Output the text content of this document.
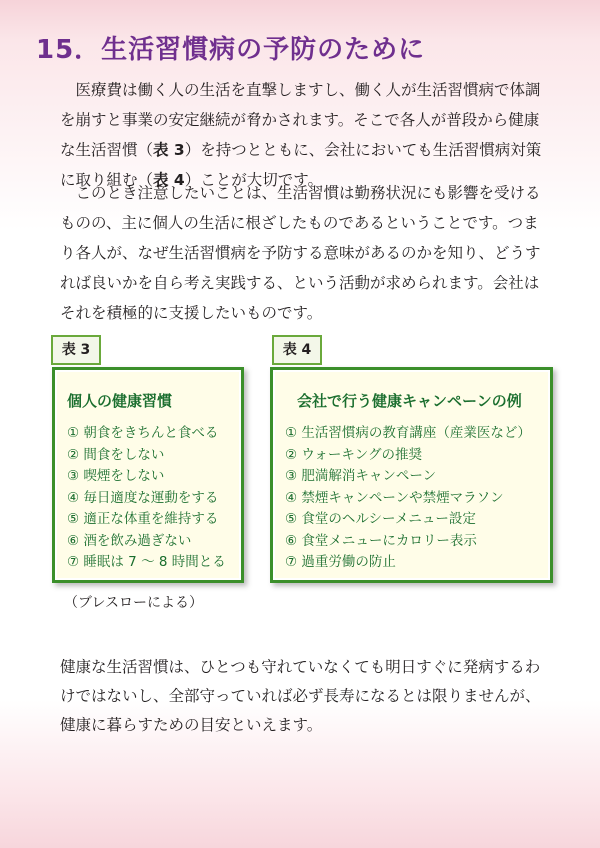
15．生活習慣病の予防のために

医療費は働く人の生活を直撃しますし、働く人が生活習慣病で体調を崩すと事業の安定継続が脅かされます。そこで各人が普段から健康な生活習慣（表 3）を持つとともに、会社においても生活習慣病対策に取り組む（表 4）ことが大切です。

このとき注意したいことは、生活習慣は勤務状況にも影響を受けるものの、主に個人の生活に根ざしたものであるということです。つまり各人が、なぜ生活習慣病を予防する意味があるのかを知り、どうすれば良いかを自ら考え実践する、という活動が求められます。会社はそれを積極的に支援したいものです。

表 3	表 4
個人の健康習慣
① 朝食をきちんと食べる
② 間食をしない
③ 喫煙をしない
④ 毎日適度な運動をする
⑤ 適正な体重を維持する
⑥ 酒を飲み過ぎない
⑦ 睡眠は 7 ～ 8 時間とる
会社で行う健康キャンペーンの例
① 生活習慣病の教育講座（産業医など）
② ウォーキングの推奨
③ 肥満解消キャンペーン
④ 禁煙キャンペーンや禁煙マラソン
⑤ 食堂のヘルシーメニュー設定
⑥ 食堂メニューにカロリー表示
⑦ 過重労働の防止
（ブレスローによる）

健康な生活習慣は、ひとつも守れていなくても明日すぐに発病するわけではないし、全部守っていれば必ず長寿になるとは限りませんが、健康に暮らすための目安といえます。
